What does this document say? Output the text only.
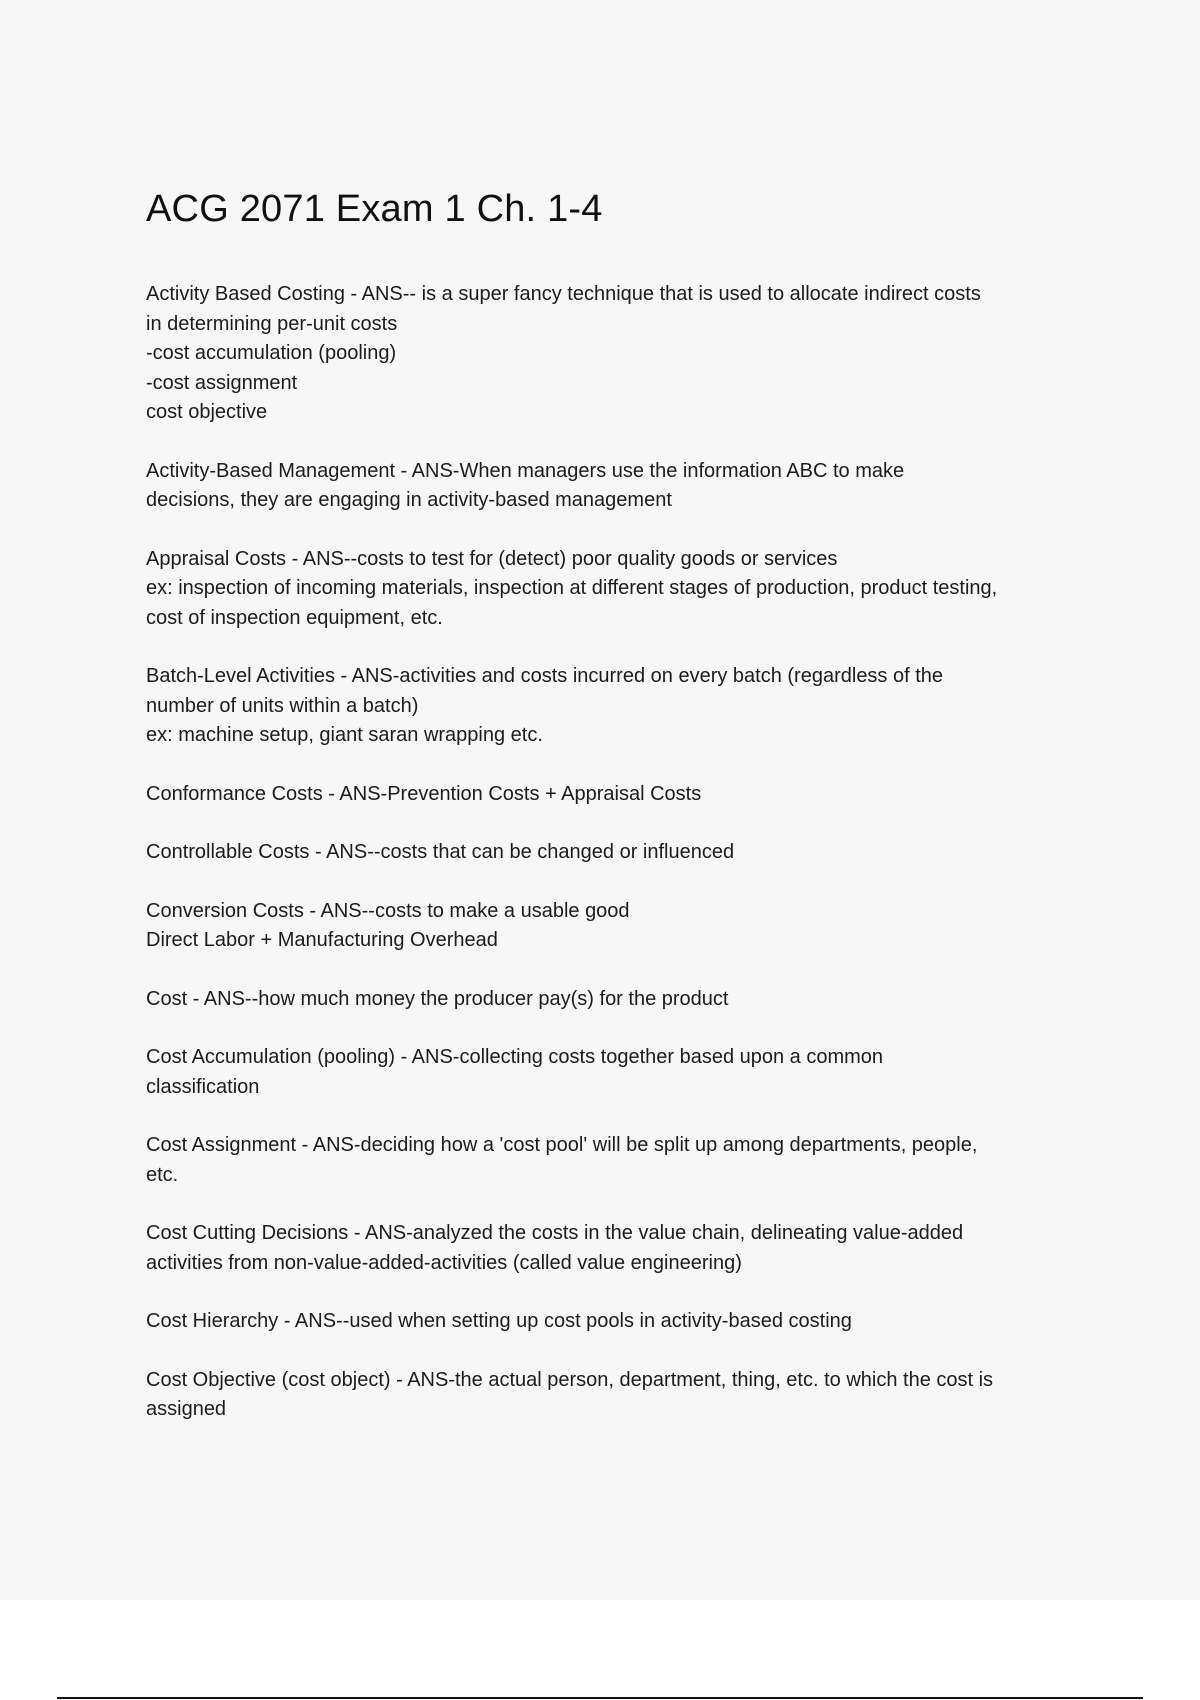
ACG 2071 Exam 1 Ch. 1-4
Activity Based Costing - ANS-- is a super fancy technique that is used to allocate indirect costs
in determining per-unit costs
-cost accumulation (pooling)
-cost assignment
cost objective
Activity-Based Management - ANS-When managers use the information ABC to make
decisions, they are engaging in activity-based management
Appraisal Costs - ANS--costs to test for (detect) poor quality goods or services
ex: inspection of incoming materials, inspection at different stages of production, product testing,
cost of inspection equipment, etc.
Batch-Level Activities - ANS-activities and costs incurred on every batch (regardless of the
number of units within a batch)
ex: machine setup, giant saran wrapping etc.
Conformance Costs - ANS-Prevention Costs + Appraisal Costs
Controllable Costs - ANS--costs that can be changed or influenced
Conversion Costs - ANS--costs to make a usable good
Direct Labor + Manufacturing Overhead
Cost - ANS--how much money the producer pay(s) for the product
Cost Accumulation (pooling) - ANS-collecting costs together based upon a common
classification
Cost Assignment - ANS-deciding how a 'cost pool' will be split up among departments, people,
etc.
Cost Cutting Decisions - ANS-analyzed the costs in the value chain, delineating value-added
activities from non-value-added-activities (called value engineering)
Cost Hierarchy - ANS--used when setting up cost pools in activity-based costing
Cost Objective (cost object) - ANS-the actual person, department, thing, etc. to which the cost is
assigned
